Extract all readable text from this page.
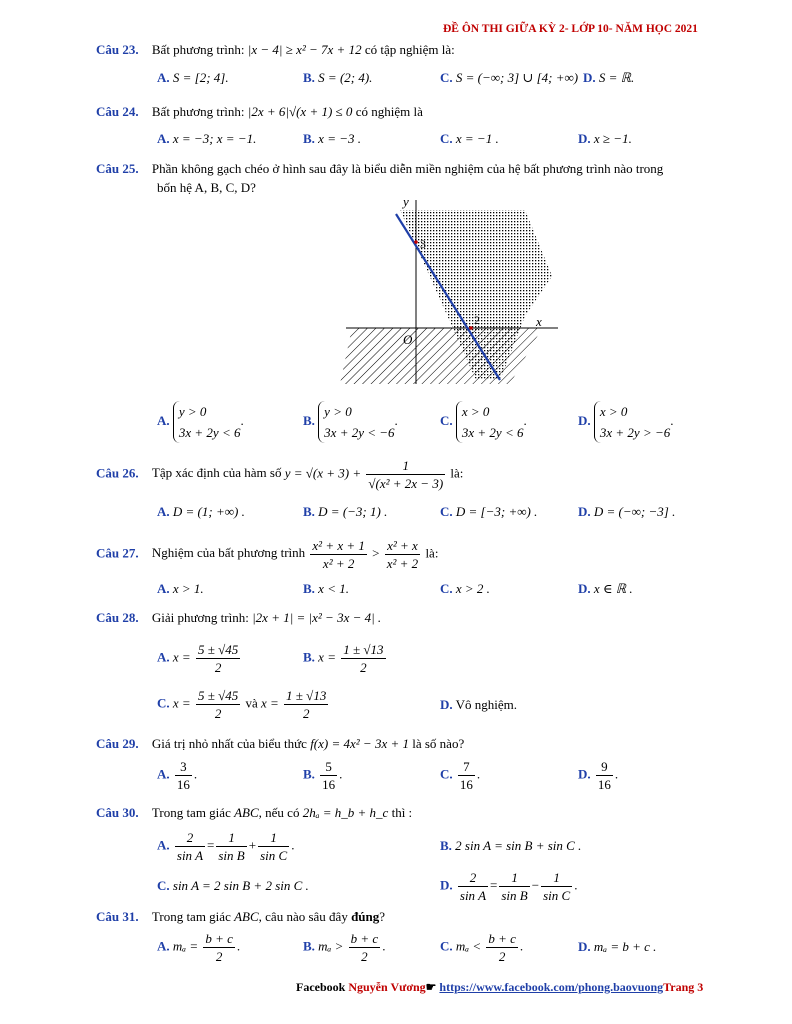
ĐỀ ÔN THI GIỮA KỲ 2- LỚP 10- NĂM HỌC 2021
Câu 23. Bất phương trình: |x − 4| ≥ x² − 7x + 12 có tập nghiệm là:
A. S = [2; 4].	B. S = (2; 4).	C. S = (−∞; 3] ∪ [4; +∞) D. S = ℝ.
Câu 24. Bất phương trình: |2x + 6|√(x + 1) ≤ 0 có nghiệm là
A. x = −3; x = −1.	B. x = −3 .	C. x = −1 .	D. x ≥ −1.
Câu 25. Phần không gạch chéo ở hình sau đây là biểu diễn miền nghiệm của hệ bất phương trình nào trong
bốn hệ A, B, C, D?
y
x
O
3
2
A. y > 0
3x + 2y < 6.	B. y > 0
3x + 2y < −6.	C. x > 0
3x + 2y < 6.	D. x > 0
3x + 2y > −6.
Câu 26. Tập xác định của hàm số $y = √(x + 3) + \frac{1}{\text{√(x² + 2x − 3)}}$ là:
A. D = (1; +∞) .	B. D = (−3; 1) .	C. D = [−3; +∞) .	D. D = (−∞; −3] .
Câu 27. Nghiệm của bất phương trình $\frac{\text{x² + x + 1}}{\text{x² + 2}} > \frac{\text{x² + x}}{\text{x² + 2}}$ là:
A. x > 1.	B. x < 1.	C. x > 2 .	D. x ∈ ℝ .
Câu 28. Giải phương trình: |2x + 1| = |x² − 3x − 4| .
A. $x = \frac{5 \pm √45}{2}$	B. $x = \frac{1 \pm √13}{2}$
C. $x = \frac{5 \pm √45}{2}$ và $x = \frac{1 \pm √13}{2}$	D. Vô nghiệm.
Câu 29. Giá trị nhỏ nhất của biểu thức f(x) = 4x² − 3x + 1 là số nào?
A. $\frac{3}{16}$ .	B. $\frac{5}{16}$ .	C. $\frac{7}{16}$ .	D. $\frac{9}{16}$ .
Câu 30. Trong tam giác ABC, nếu có 2hₐ = h_b + h_c thì :
A. $\frac{2}{\text{sin A}} = \frac{1}{\text{sin B}} + \frac{1}{\text{sin C}}$ .	B. 2 sin A = sin B + sin C .
C. sin A = 2 sin B + 2 sin C .	D. $\frac{2}{\text{sin A}} = \frac{1}{\text{sin B}} - \frac{1}{\text{sin C}}$ .
Câu 31. Trong tam giác ABC, câu nào sâu đây đúng?
A. $m_a = \frac{b + c}{2}$ .	B. $m_a > \frac{b + c}{2}$ .	C. $m_a < \frac{b + c}{2}$ .	D. mₐ = b + c .
Facebook Nguyễn Vương☛ https://www.facebook.com/phong.baovuongTrang 3
